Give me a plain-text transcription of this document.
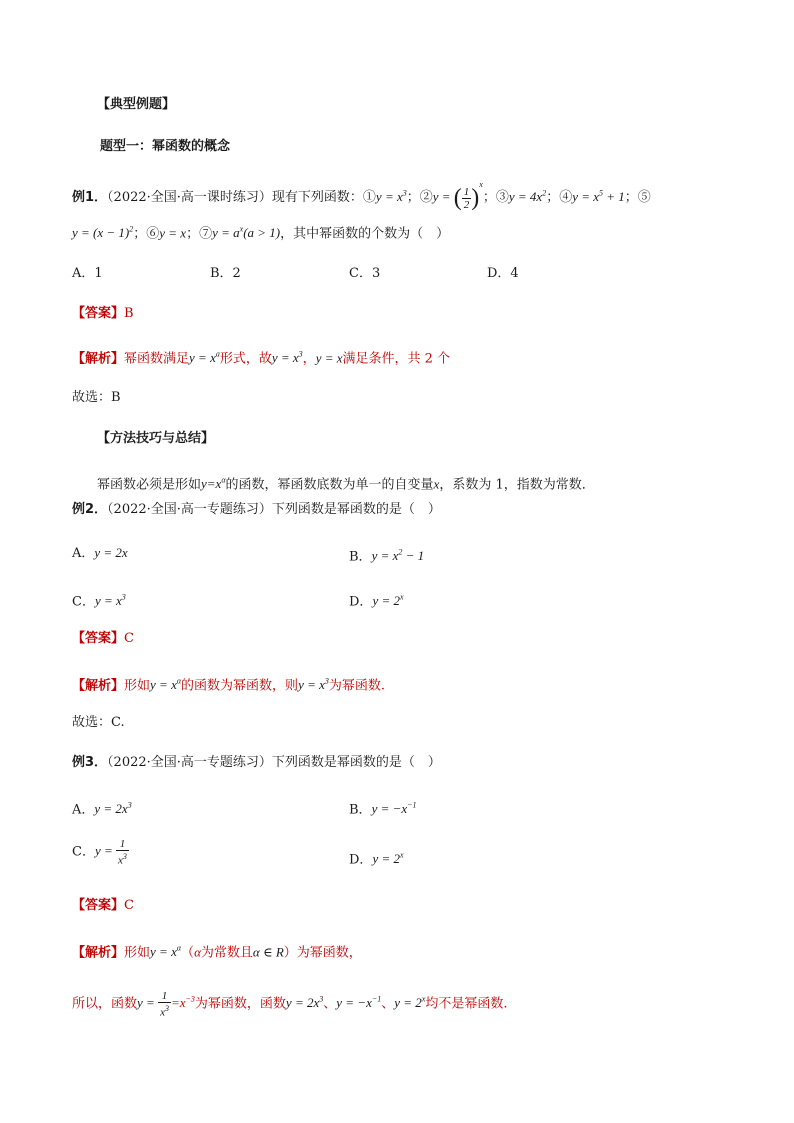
【典型例题】
题型一：幂函数的概念
例1．（2022·全国·高一课时练习）现有下列函数：①y = $x^3$；②y = ( $\frac{1}{2} )^x$；③y = $4x^2$；④y = $x^5 + 1$；⑤
$y = (x - 1)^2$；⑥y = x；⑦y = $a^x(a > 1)$，其中幂函数的个数为（　）
A．1	B．2	C．3	D．4
【答案】B
【解析】幂函数满足$y = x^a$形式，故$y = x^3$，y = x满足条件，共 2 个
故选：B
【方法技巧与总结】
幂函数必须是形如$y=x^\alpha$的函数，幂函数底数为单一的自变量x，系数为 1，指数为常数．
例2．（2022·全国·高一专题练习）下列函数是幂函数的是（　）
A．y = 2x	B．$y = x^2 - 1$
C．$y = x^3$	D．$y = 2^x$
【答案】C
【解析】形如$y = x^\alpha$的函数为幂函数，则$y = x^3$为幂函数.
故选：C.
例3．（2022·全国·高一专题练习）下列函数是幂函数的是（　）
A．$y = 2x^3$	B．$y = -x^{-1}$
C．$y = \frac{1}{x^3}$	D．$y = 2^x$
【答案】C
【解析】形如$y = x^\alpha(\alpha$为常数且α ∈ R）为幂函数，
所以，函数$y = \frac{1}{x^3} =x^{-3}$为幂函数，函数$y = 2x^3$、$y = -x^{-1}$、$y = 2^x$均不是幂函数.
